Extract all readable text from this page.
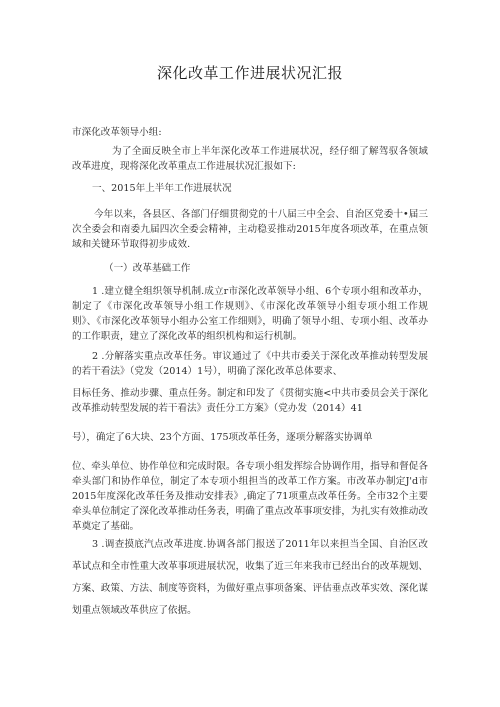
深化改革工作进展状况汇报

市深化改革领导小组:

为了全面反映全市上半年深化改革工作进展状况，经仔细了解驾驭各领域改革进度，现将深化改革重点工作进展状况汇报如下:

一、2015年上半年工作进展状况

今年以来，各县区、各部门仔细贯彻党的十八届三中全会、自治区党委十•届三次全委会和南委九届四次全委会精神，主动稳妥推动2015年度各项改革，在重点领域和关键环节取得初步成效.

（一）改革基础工作

1 .建立健全组织领导机制.成立r市深化改革领导小组、6个专项小组和改革办，制定了《市深化改革领导小组工作规则》、《市深化改革领导小组专项小组工作规则》、《市深化改革领导小组办公室工作细则》，明确了领导小组、专项小组、改革办的工作职责，建立了深化改革的组织机构和运行机制。

2 .分解落实重点改革任务。审议通过了《中共市委关于深化改革推动转型发展的若干看法》（党发（2014）1号），明确了深化改革总体要求、

目标任务、推动步骤、重点任务。制定和印发了《贯彻实施<中共市委员会关于深化改革推动转型发展的若干看法》责任分工方案》（党办发（2014）41

号），确定了6大块、23个方面、175项改革任务，逐项分解落实协调单

位、牵头单位、协作单位和完成时限。各专项小组发挥综合协调作用，指导和督促各牵头部门和协作单位，制定了本专项小组担当的改革工作方案。市改革办制定J'd市2015年度深化改革任务及推动安排表》,确定了71项重点改革任务。全市32个主要牵头单位制定了深化改革推动任务表，明确了重点改革事项安排，为扎实有效推动改革奠定了基础。

3 .调查摸底汽点改革进度.协调各部门报送了2011年以来担当全国、自治区改革试点和全市性重大改革事项进展状况，收集了近三年来我市已经出台的改革规划、方案、政策、方法、制度等资料，为做好重点事项备案、评估垂点改革实效、深化谋划重点领域改革供应了依据。
